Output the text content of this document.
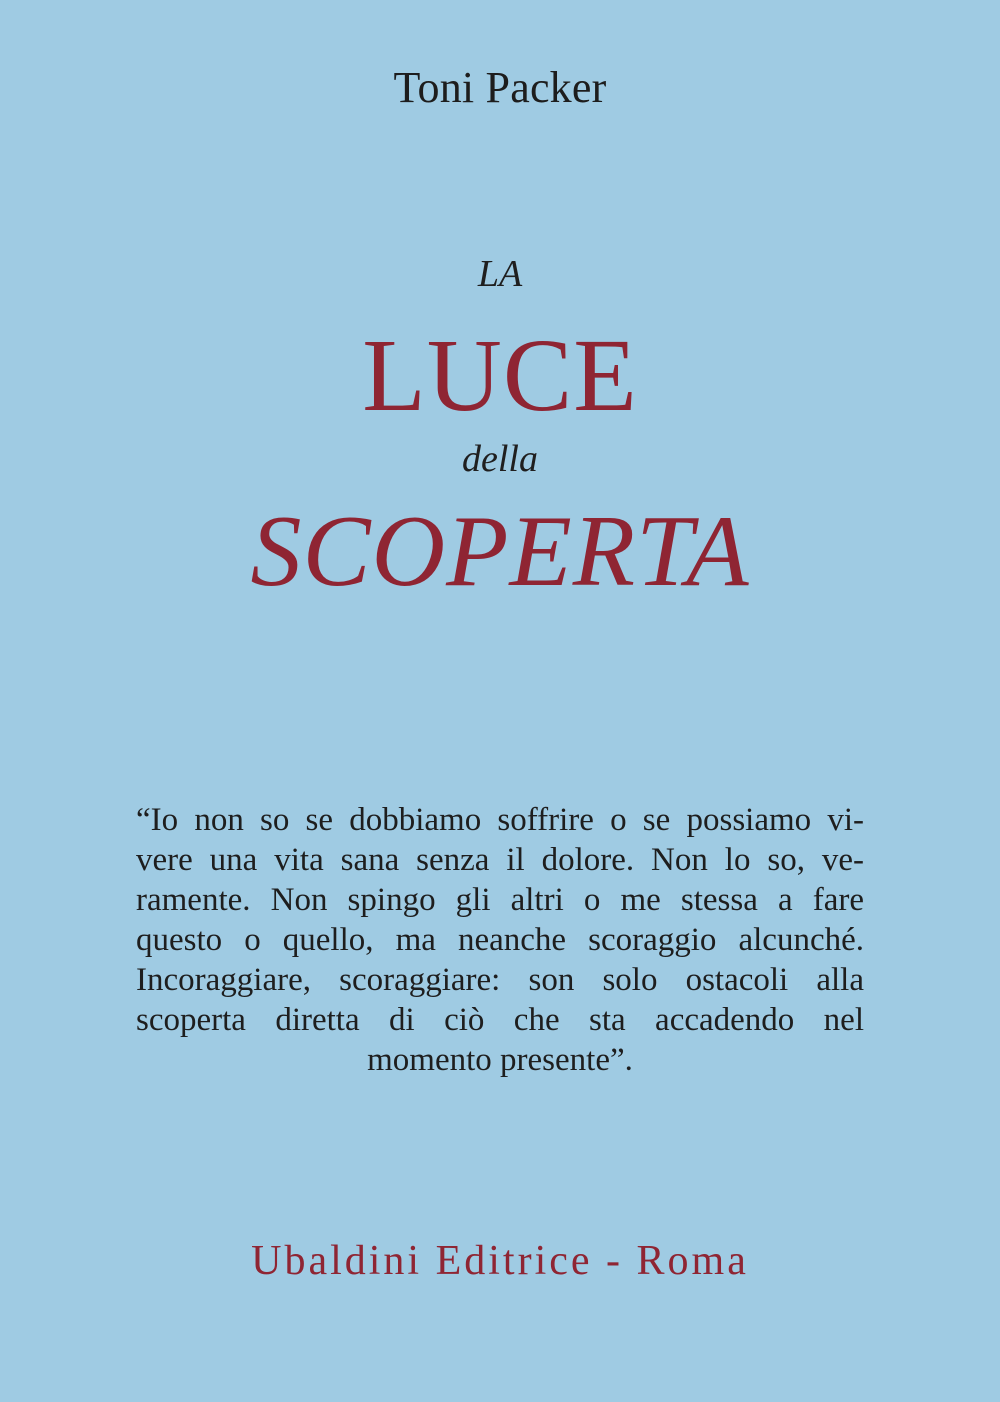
Toni Packer
LA
LUCE
della
SCOPERTA
“Io non so se dobbiamo soffrire o se possiamo vi-
vere una vita sana senza il dolore. Non lo so, ve-
ramente. Non spingo gli altri o me stessa a fare
questo o quello, ma neanche scoraggio alcunché.
Incoraggiare, scoraggiare: son solo ostacoli alla
scoperta diretta di ciò che sta accadendo nel
momento presente”.
Ubaldini Editrice - Roma
